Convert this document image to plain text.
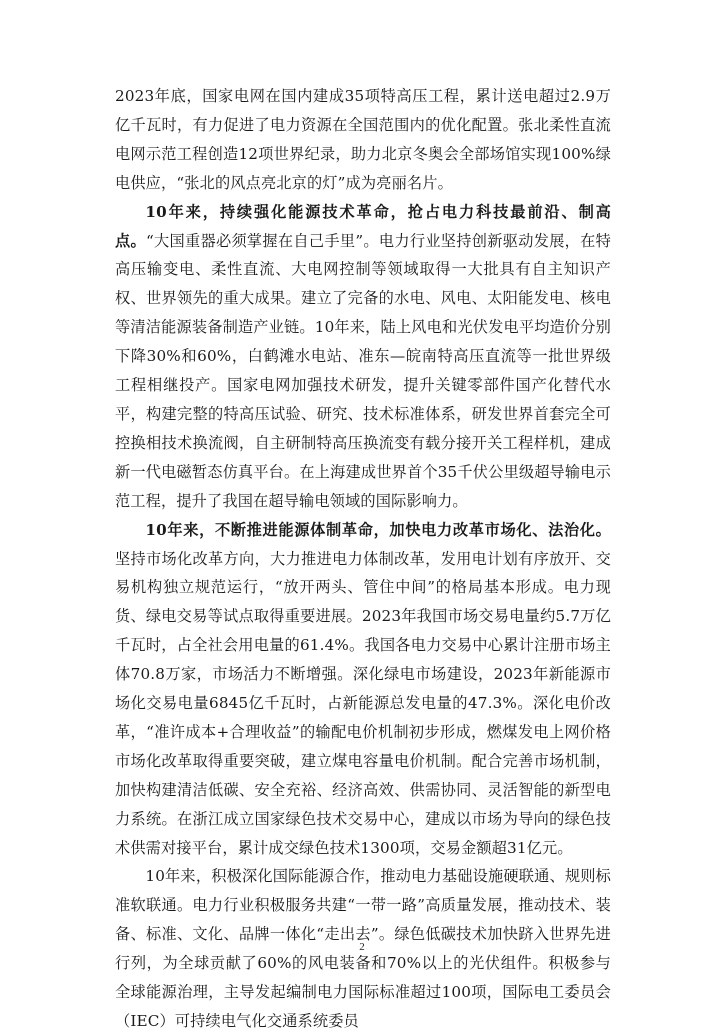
2023年底，国家电网在国内建成35项特高压工程，累计送电超过2.9万亿千瓦时，有力促进了电力资源在全国范围内的优化配置。张北柔性直流电网示范工程创造12项世界纪录，助力北京冬奥会全部场馆实现100%绿电供应，“张北的风点亮北京的灯”成为亮丽名片。

10年来，持续强化能源技术革命，抢占电力科技最前沿、制高点。“大国重器必须掌握在自己手里”。电力行业坚持创新驱动发展，在特高压输变电、柔性直流、大电网控制等领域取得一大批具有自主知识产权、世界领先的重大成果。建立了完备的水电、风电、太阳能发电、核电等清洁能源装备制造产业链。10年来，陆上风电和光伏发电平均造价分别下降30%和60%，白鹤滩水电站、准东—皖南特高压直流等一批世界级工程相继投产。国家电网加强技术研发，提升关键零部件国产化替代水平，构建完整的特高压试验、研究、技术标准体系，研发世界首套完全可控换相技术换流阀，自主研制特高压换流变有载分接开关工程样机，建成新一代电磁暂态仿真平台。在上海建成世界首个35千伏公里级超导输电示范工程，提升了我国在超导输电领域的国际影响力。

10年来，不断推进能源体制革命，加快电力改革市场化、法治化。坚持市场化改革方向，大力推进电力体制改革，发用电计划有序放开、交易机构独立规范运行，“放开两头、管住中间”的格局基本形成。电力现货、绿电交易等试点取得重要进展。2023年我国市场交易电量约5.7万亿千瓦时，占全社会用电量的61.4%。我国各电力交易中心累计注册市场主体70.8万家，市场活力不断增强。深化绿电市场建设，2023年新能源市场化交易电量6845亿千瓦时，占新能源总发电量的47.3%。深化电价改革，“准许成本+合理收益”的输配电价机制初步形成，燃煤发电上网价格市场化改革取得重要突破，建立煤电容量电价机制。配合完善市场机制，加快构建清洁低碳、安全充裕、经济高效、供需协同、灵活智能的新型电力系统。在浙江成立国家绿色技术交易中心，建成以市场为导向的绿色技术供需对接平台，累计成交绿色技术1300项，交易金额超31亿元。

10年来，积极深化国际能源合作，推动电力基础设施硬联通、规则标准软联通。电力行业积极服务共建“一带一路”高质量发展，推动技术、装备、标准、文化、品牌一体化“走出去”。绿色低碳技术加快跻入世界先进行列，为全球贡献了60%的风电装备和70%以上的光伏组件。积极参与全球能源治理，主导发起编制电力国际标准超过100项，国际电工委员会（IEC）可持续电气化交通系统委员

2
